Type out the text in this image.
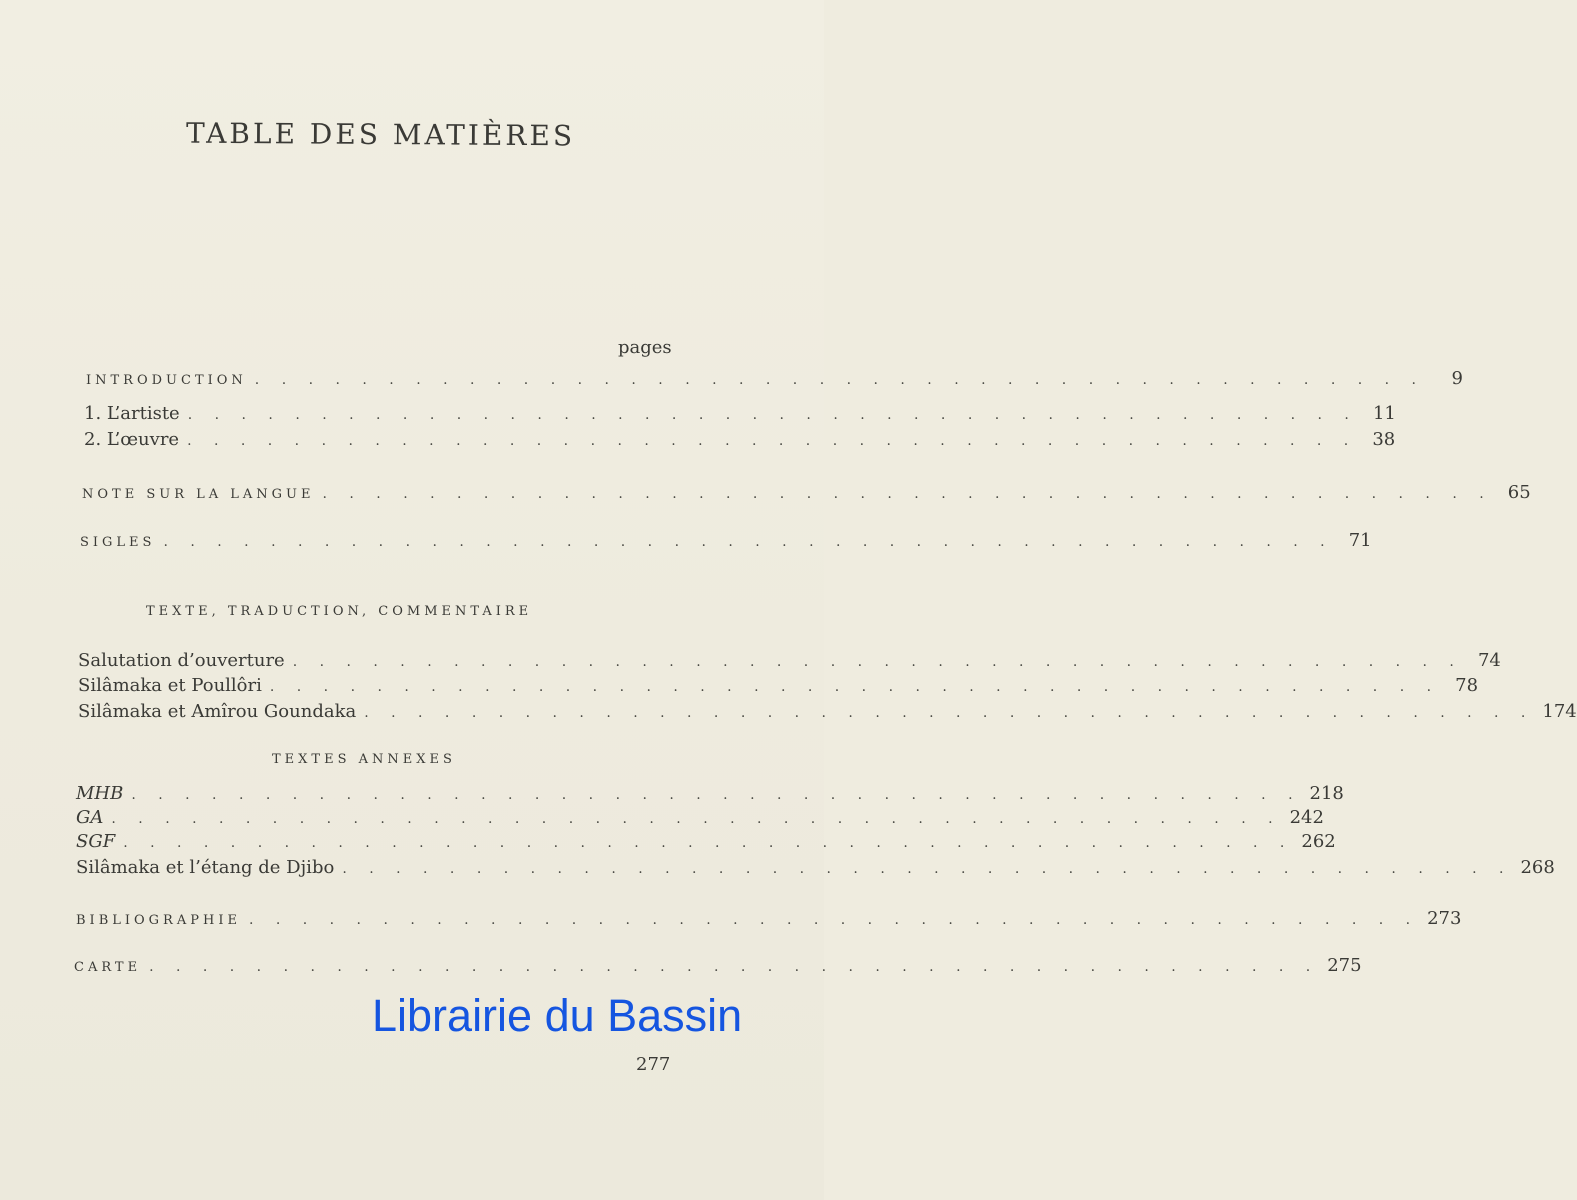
TABLE DES MATIÈRES
pages
INTRODUCTION . . . . . . . . . . . . . . . . . . . . . . . . . . . . . . . . . . . . . . . . . . . .	9
1. L’artiste . . . . . . . . . . . . . . . . . . . . . . . . . . . . . . . . . . . . . . . . . . . . 11
2. L’œuvre . . . . . . . . . . . . . . . . . . . . . . . . . . . . . . . . . . . . . . . . . . . . 38
NOTE SUR LA LANGUE . . . . . . . . . . . . . . . . . . . . . . . . . . . . . . . . . . . . . . . . . . . . 65
SIGLES . . . . . . . . . . . . . . . . . . . . . . . . . . . . . . . . . . . . . . . . . . . . 71
TEXTE, TRADUCTION, COMMENTAIRE
Salutation d’ouverture . . . . . . . . . . . . . . . . . . . . . . . . . . . . . . . . . . . . . . . . . . . . 74
Silâmaka et Poullôri . . . . . . . . . . . . . . . . . . . . . . . . . . . . . . . . . . . . . . . . . . . . 78
Silâmaka et Amîrou Goundaka . . . . . . . . . . . . . . . . . . . . . . . . . . . . . . . . . . . . . . . . . . . . 174
TEXTES ANNEXES
MHB . . . . . . . . . . . . . . . . . . . . . . . . . . . . . . . . . . . . . . . . . . . . 218
GA . . . . . . . . . . . . . . . . . . . . . . . . . . . . . . . . . . . . . . . . . . . . 242
SGF . . . . . . . . . . . . . . . . . . . . . . . . . . . . . . . . . . . . . . . . . . . . 262
Silâmaka et l’étang de Djibo . . . . . . . . . . . . . . . . . . . . . . . . . . . . . . . . . . . . . . . . . . . . 268
BIBLIOGRAPHIE . . . . . . . . . . . . . . . . . . . . . . . . . . . . . . . . . . . . . . . . . . . . 273
CARTE . . . . . . . . . . . . . . . . . . . . . . . . . . . . . . . . . . . . . . . . . . . . 275
Librairie du Bassin
277
